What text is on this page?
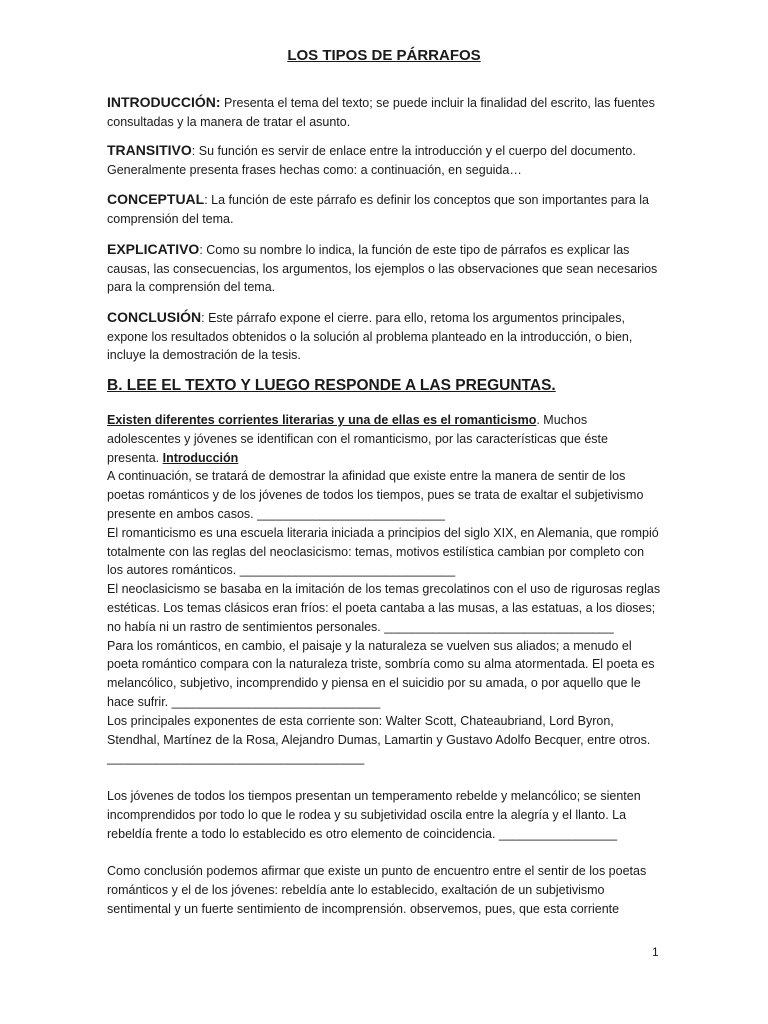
LOS TIPOS DE PÁRRAFOS
INTRODUCCIÓN: Presenta el tema del texto; se puede incluir la finalidad del escrito, las fuentes consultadas y la manera de tratar el asunto.
TRANSITIVO: Su función es servir de enlace entre la introducción y el cuerpo del documento. Generalmente presenta frases hechas como: a continuación, en seguida…
CONCEPTUAL: La función de este párrafo es definir los conceptos que son importantes para la comprensión del tema.
EXPLICATIVO: Como su nombre lo indica, la función de este tipo de párrafos es explicar las causas, las consecuencias, los argumentos, los ejemplos o las observaciones que sean necesarios para la comprensión del tema.
CONCLUSIÓN: Este párrafo expone el cierre. para ello, retoma los argumentos principales, expone los resultados obtenidos o la solución al problema planteado en la introducción, o bien, incluye la demostración de la tesis.
B. LEE EL TEXTO Y LUEGO RESPONDE A LAS PREGUNTAS.
Existen diferentes corrientes literarias y una de ellas es el romanticismo. Muchos adolescentes y jóvenes se identifican con el romanticismo, por las características que éste presenta. Introducción
A continuación, se tratará de demostrar la afinidad que existe entre la manera de sentir de los poetas románticos y de los jóvenes de todos los tiempos, pues se trata de exaltar el subjetivismo presente en ambos casos. ___________________________
El romanticismo es una escuela literaria iniciada a principios del siglo XIX, en Alemania, que rompió totalmente con las reglas del neoclasicismo: temas, motivos estilística cambian por completo con los autores románticos. _______________________________
El neoclasicismo se basaba en la imitación de los temas grecolatinos con el uso de rigurosas reglas estéticas. Los temas clásicos eran fríos: el poeta cantaba a las musas, a las estatuas, a los dioses; no había ni un rastro de sentimientos personales. _________________________________
Para los románticos, en cambio, el paisaje y la naturaleza se vuelven sus aliados; a menudo el poeta romántico compara con la naturaleza triste, sombría como su alma atormentada. El poeta es melancólico, subjetivo, incomprendido y piensa en el suicidio por su amada, o por aquello que le hace sufrir. ______________________________
Los principales exponentes de esta corriente son: Walter Scott, Chateaubriand, Lord Byron, Stendhal, Martínez de la Rosa, Alejandro Dumas, Lamartin y Gustavo Adolfo Becquer, entre otros. _____________________________________
Los jóvenes de todos los tiempos presentan un temperamento rebelde y melancólico; se sienten incomprendidos por todo lo que le rodea y su subjetividad oscila entre la alegría y el llanto. La rebeldía frente a todo lo establecido es otro elemento de coincidencia. _________________
Como conclusión podemos afirmar que existe un punto de encuentro entre el sentir de los poetas románticos y el de los jóvenes: rebeldía ante lo establecido, exaltación de un subjetivismo sentimental y un fuerte sentimiento de incomprensión. observemos, pues, que esta corriente
1
